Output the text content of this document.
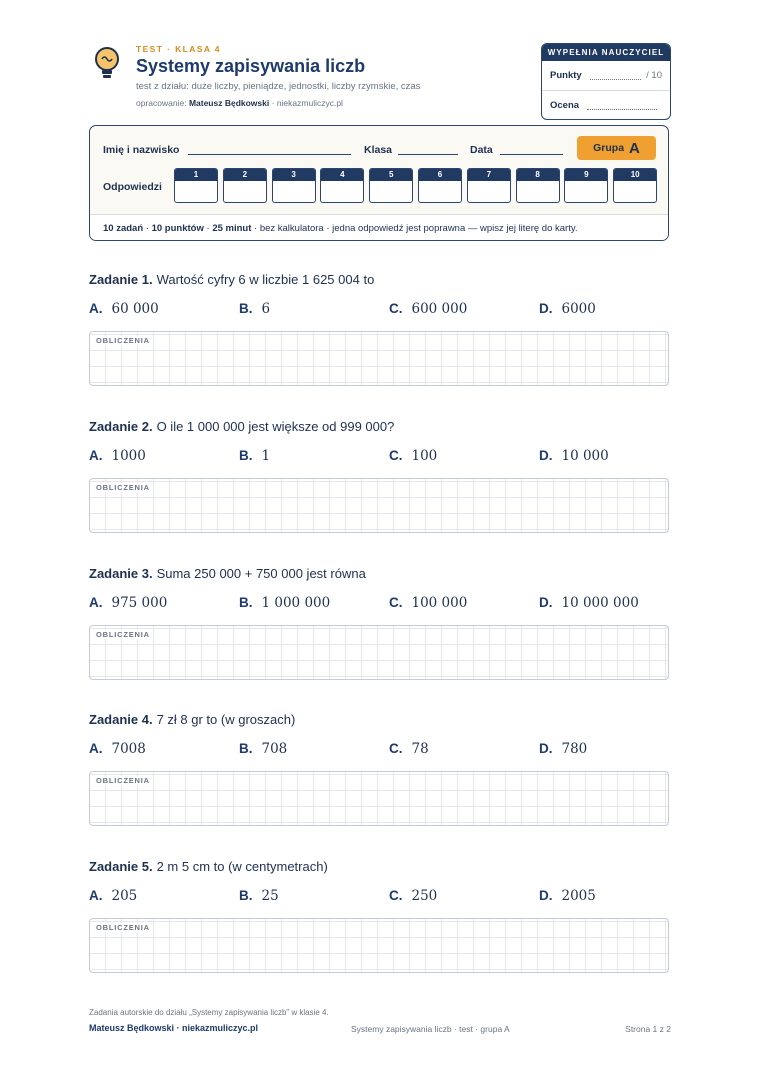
TEST · KLASA 4
Systemy zapisywania liczb
test z działu: duże liczby, pieniądze, jednostki, liczby rzymskie, czas
opracowanie: Mateusz Będkowski · niekazmuliczyc.pl
WYPEŁNIA NAUCZYCIEL
Punkty	/ 10
Ocena
Imię i nazwisko	Klasa	Data	Grupa A
Odpowiedzi
1	2	3	4	5	6	7	8	9	10
10 zadań · 10 punktów · 25 minut · bez kalkulatora · jedna odpowiedź jest poprawna — wpisz jej literę do karty.
Zadanie 1. Wartość cyfry 6 w liczbie 1 625 004 to
A. 60 000	B. 6	C. 600 000	D. 6000
OBLICZENIA
Zadanie 2. O ile 1 000 000 jest większe od 999 000?
A. 1000	B. 1	C. 100	D. 10 000
OBLICZENIA
Zadanie 3. Suma 250 000 + 750 000 jest równa
A. 975 000	B. 1 000 000	C. 100 000	D. 10 000 000
OBLICZENIA
Zadanie 4. 7 zł 8 gr to (w groszach)
A. 7008	B. 708	C. 78	D. 780
OBLICZENIA
Zadanie 5. 2 m 5 cm to (w centymetrach)
A. 205	B. 25	C. 250	D. 2005
OBLICZENIA
Zadania autorskie do działu „Systemy zapisywania liczb” w klasie 4.
Mateusz Będkowski · niekazmuliczyc.pl	Systemy zapisywania liczb · test · grupa A	Strona 1 z 2
